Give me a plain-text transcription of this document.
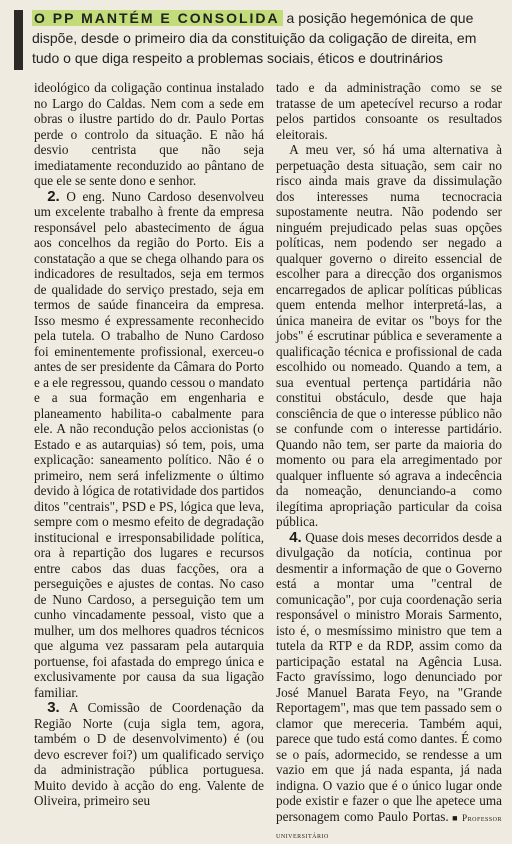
O PP MANTÉM E CONSOLIDA a posição hegemónica de que dispõe, desde o primeiro dia da constituição da coligação de direita, em tudo o que diga respeito a problemas sociais, éticos e doutrinários

ideológico da coligação continua instalado no Largo do Caldas. Nem com a sede em obras o ilustre partido do dr. Paulo Portas perde o controlo da situação. E não há desvio centrista que não seja imediatamente reconduzido ao pântano de que ele se sente dono e senhor.

 2. O eng. Nuno Cardoso desenvolveu um excelente trabalho à frente da empresa responsável pelo abastecimento de água aos concelhos da região do Porto. Eis a constatação a que se chega olhando para os indicadores de resultados, seja em termos de qualidade do serviço prestado, seja em termos de saúde financeira da empresa. Isso mesmo é expressamente reconhecido pela tutela. O trabalho de Nuno Cardoso foi eminentemente profissional, exerceu-o antes de ser presidente da Câmara do Porto e a ele regressou, quando cessou o mandato e a sua formação em engenharia e planeamento habilita-o cabalmente para ele. A não recondução pelos accionistas (o Estado e as autarquias) só tem, pois, uma explicação: saneamento político. Não é o primeiro, nem será infelizmente o último devido à lógica de rotatividade dos partidos ditos "centrais", PSD e PS, lógica que leva, sempre com o mesmo efeito de degradação institucional e irresponsabilidade política, ora à repartição dos lugares e recursos entre cabos das duas facções, ora a perseguições e ajustes de contas. No caso de Nuno Cardoso, a perseguição tem um cunho vincadamente pessoal, visto que a mulher, um dos melhores quadros técnicos que alguma vez passaram pela autarquia portuense, foi afastada do emprego única e exclusivamente por causa da sua ligação familiar.

 3. A Comissão de Coordenação da Região Norte (cuja sigla tem, agora, também o D de desenvolvimento) é (ou devo escrever foi?) um qualificado serviço da administração pública portuguesa. Muito devido à acção do eng. Valente de Oliveira, primeiro seu

tado e da administração como se se tratasse de um apetecível recurso a rodar pelos partidos consoante os resultados eleitorais.

 A meu ver, só há uma alternativa à perpetuação desta situação, sem cair no risco ainda mais grave da dissimulação dos interesses numa tecnocracia supostamente neutra. Não podendo ser ninguém prejudicado pelas suas opções políticas, nem podendo ser negado a qualquer governo o direito essencial de escolher para a direcção dos organismos encarregados de aplicar políticas públicas quem entenda melhor interpretá-las, a única maneira de evitar os "boys for the jobs" é escrutinar pública e severamente a qualificação técnica e profissional de cada escolhido ou nomeado. Quando a tem, a sua eventual pertença partidária não constitui obstáculo, desde que haja consciência de que o interesse público não se confunde com o interesse partidário. Quando não tem, ser parte da maioria do momento ou para ela arregimentado por qualquer influente só agrava a indecência da nomeação, denunciando-a como ilegítima apropriação particular da coisa pública.

 4. Quase dois meses decorridos desde a divulgação da notícia, continua por desmentir a informação de que o Governo está a montar uma "central de comunicação", por cuja coordenação seria responsável o ministro Morais Sarmento, isto é, o mesmíssimo ministro que tem a tutela da RTP e da RDP, assim como da participação estatal na Agência Lusa. Facto gravíssimo, logo denunciado por José Manuel Barata Feyo, na "Grande Reportagem", mas que tem passado sem o clamor que mereceria. Também aqui, parece que tudo está como dantes. É como se o país, adormecido, se rendesse a um vazio em que já nada espanta, já nada indigna. O vazio que é o único lugar onde pode existir e fazer o que lhe apetece uma personagem como Paulo Portas. ■ Professor universitário
